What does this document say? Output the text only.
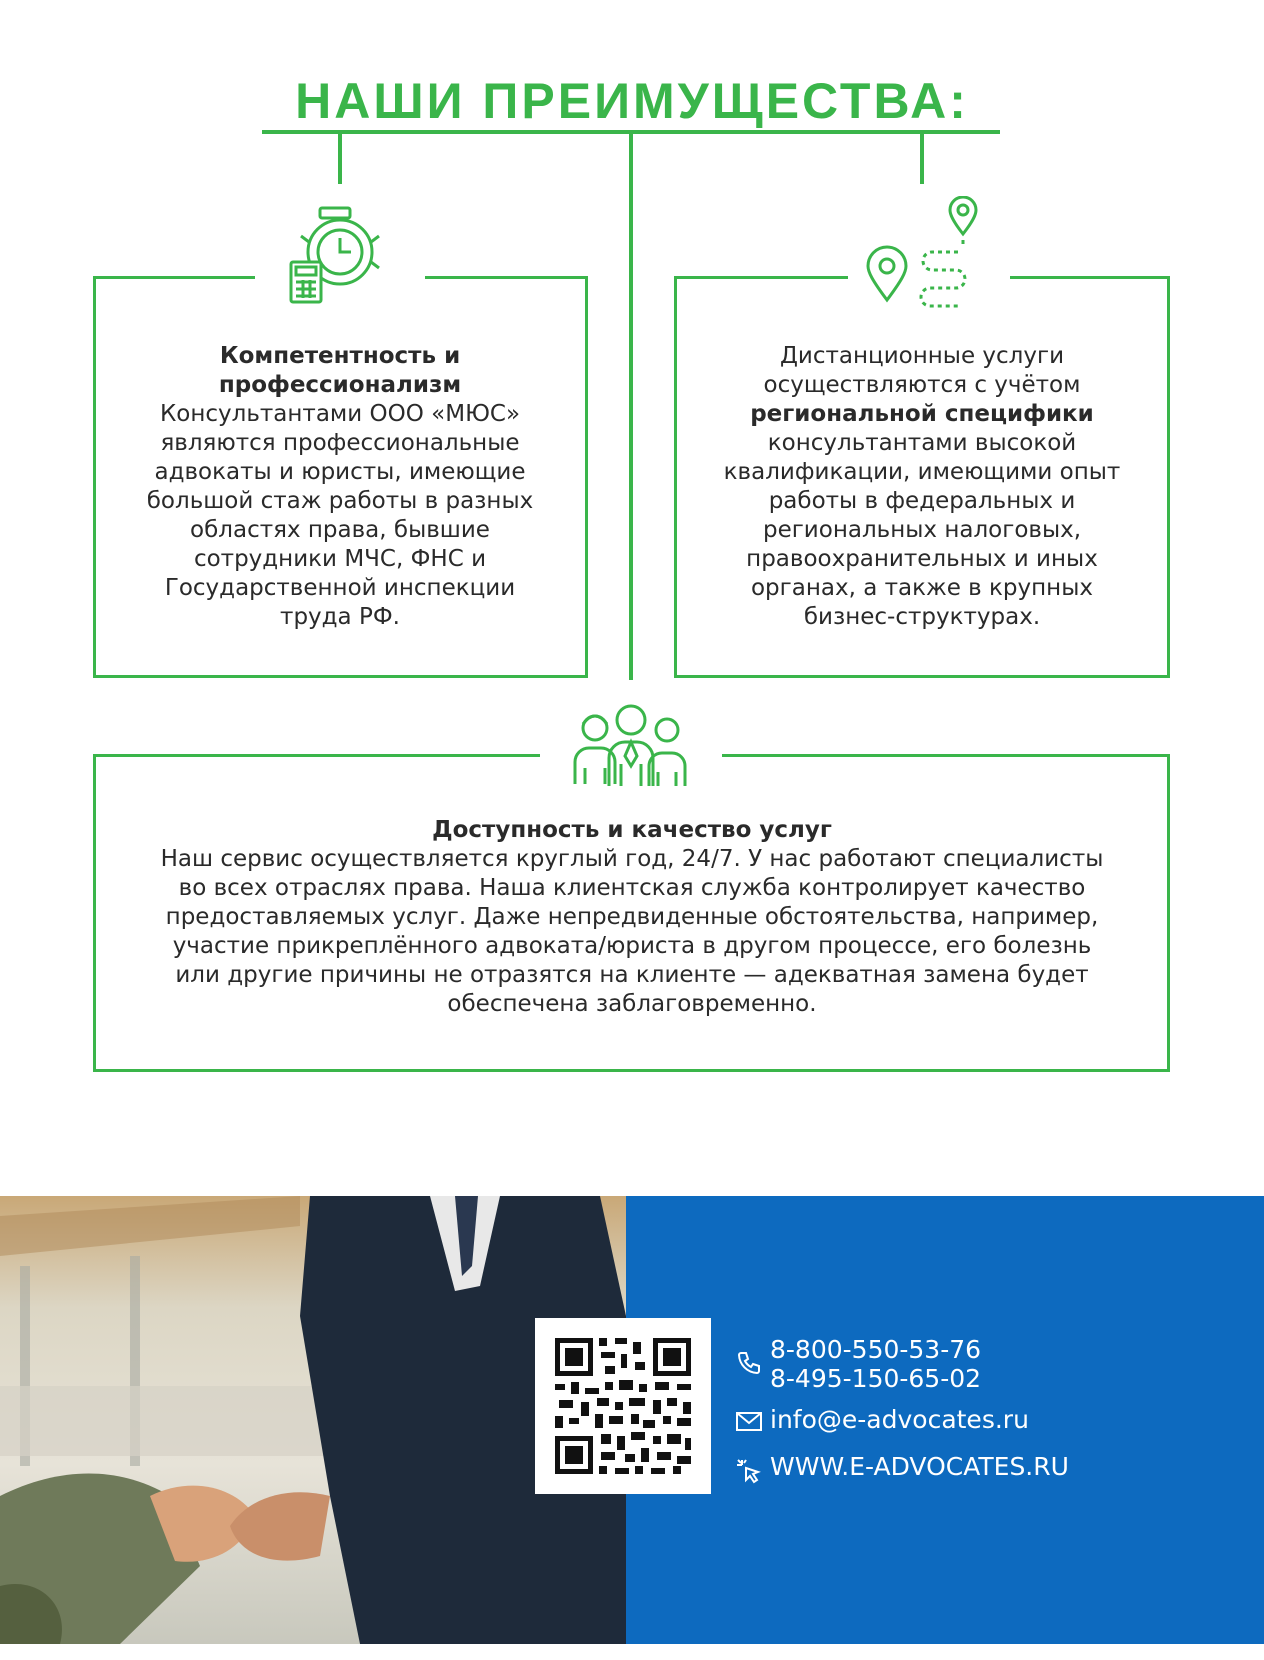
НАШИ ПРЕИМУЩЕСТВА:
Компетентность и
профессионализм
Консультантами ООО «МЮС»
являются профессиональные
адвокаты и юристы, имеющие
большой стаж работы в разных
областях права, бывшие
сотрудники МЧС, ФНС и
Государственной инспекции
труда РФ.
Дистанционные услуги
осуществляются с учётом
региональной специфики
консультантами высокой
квалификации, имеющими опыт
работы в федеральных и
региональных налоговых,
правоохранительных и иных
органах, а также в крупных
бизнес-структурах.
Доступность и качество услуг
Наш сервис осуществляется круглый год, 24/7. У нас работают специалисты
во всех отраслях права. Наша клиентская служба контролирует качество
предоставляемых услуг. Даже непредвиденные обстоятельства, например,
участие прикреплённого адвоката/юриста в другом процессе, его болезнь
или другие причины не отразятся на клиенте — адекватная замена будет
обеспечена заблаговременно.
8-800-550-53-76
8-495-150-65-02
info@e-advocates.ru
WWW.E-ADVOCATES.RU
